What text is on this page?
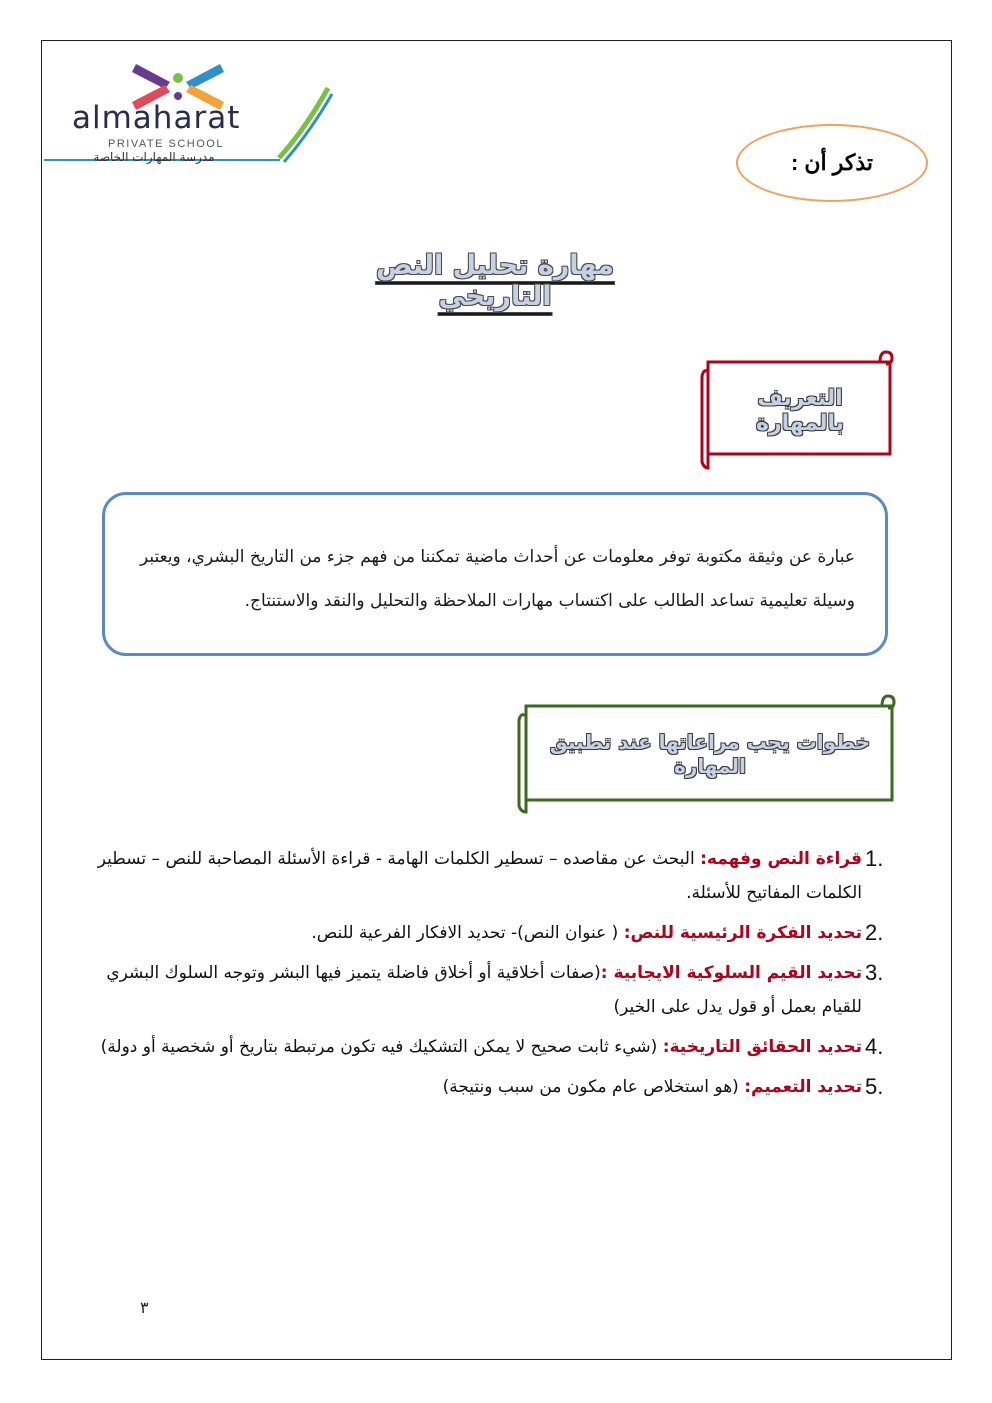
almaharat
PRIVATE SCHOOL
مدرسة المهارات الخاصة	تذكر أن :
مهارة تحليل النص التاريخي
التعريف بالمهارة
عبارة عن وثيقة مكتوبة توفر معلومات عن أحداث ماضية تمكننا من فهم جزء من التاريخ البشري، ويعتبر وسيلة تعليمية تساعد الطالب على اكتساب مهارات الملاحظة والتحليل والنقد والاستنتاج.
خطوات يجب مراعاتها عند تطبيق المهارة
1.
قراءة النص وفهمه: البحث عن مقاصده – تسطير الكلمات الهامة - قراءة الأسئلة المصاحبة للنص – تسطير الكلمات المفاتيح للأسئلة.
2.
تحديد الفكرة الرئيسية للنص: ( عنوان النص)- تحديد الافكار الفرعية للنص.
3.
تحديد القيم السلوكية الايجابية :(صفات أخلاقية أو أخلاق فاضلة يتميز فيها البشر وتوجه السلوك البشري للقيام بعمل أو قول يدل على الخير)
4.
تحديد الحقائق التاريخية: (شيء ثابت صحيح لا يمكن التشكيك فيه تكون مرتبطة بتاريخ أو شخصية أو دولة)
5.
تحديد التعميم: (هو استخلاص عام مكون من سبب ونتيجة)
٣
